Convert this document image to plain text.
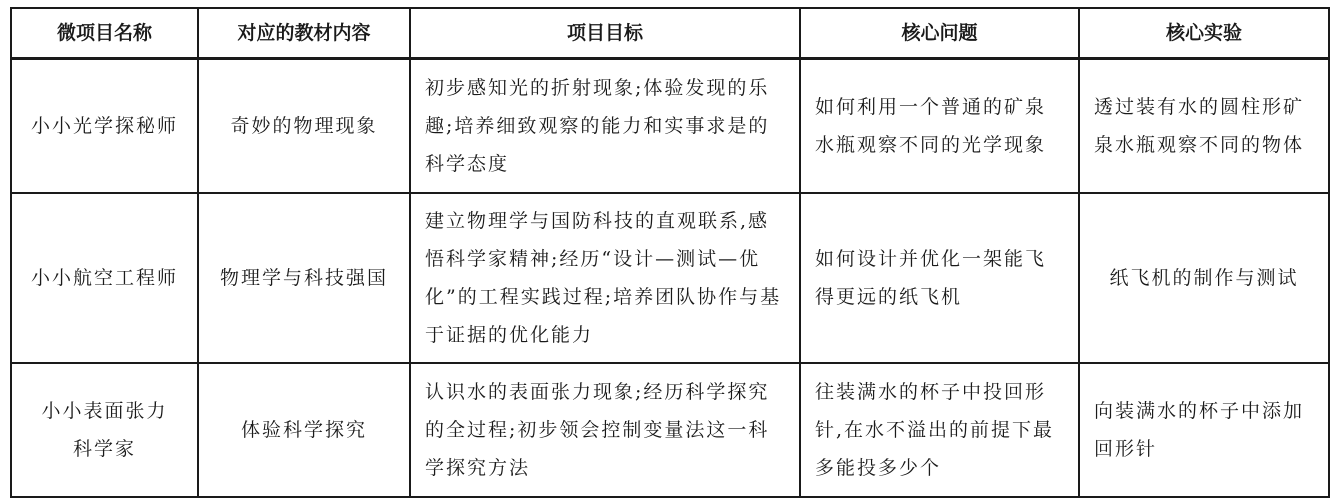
微项目名称	对应的教材内容	项目目标	核心问题	核心实验
小小光学探秘师	奇妙的物理现象	初步感知光的折射现象;体验发现的乐趣;培养细致观察的能力和实事求是的科学态度	如何利用一个普通的矿泉水瓶观察不同的光学现象	透过装有水的圆柱形矿泉水瓶观察不同的物体
小小航空工程师	物理学与科技强国	建立物理学与国防科技的直观联系,感悟科学家精神;经历“设计—测试—优化”的工程实践过程;培养团队协作与基于证据的优化能力	如何设计并优化一架能飞得更远的纸飞机	纸飞机的制作与测试
小小表面张力科学家	体验科学探究	认识水的表面张力现象;经历科学探究的全过程;初步领会控制变量法这一科学探究方法	往装满水的杯子中投回形针,在水不溢出的前提下最多能投多少个	向装满水的杯子中添加回形针
